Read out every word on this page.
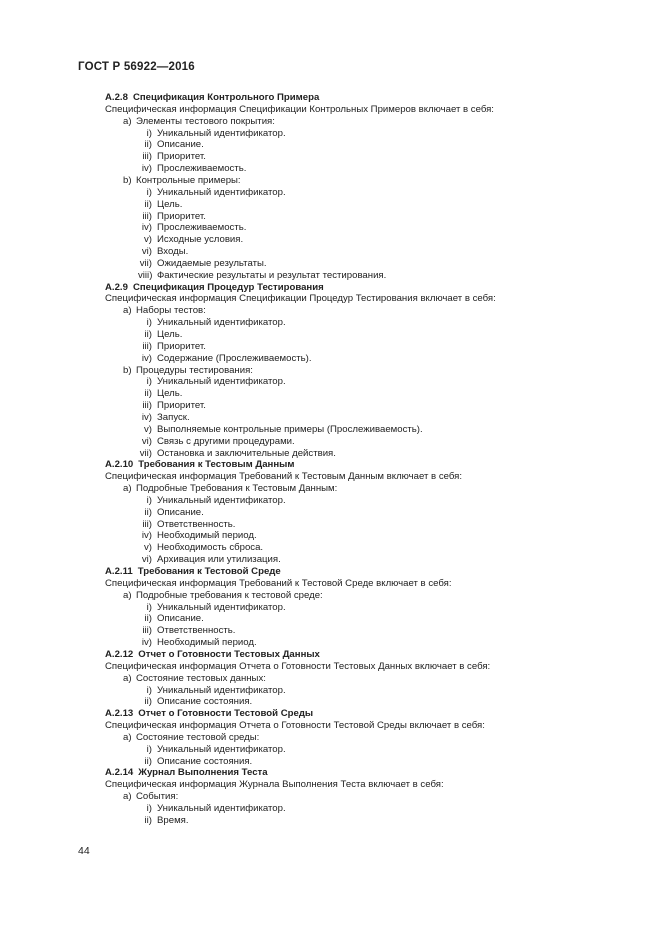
ГОСТ Р 56922—2016
А.2.8 Спецификация Контрольного Примера
Специфическая информация Спецификации Контрольных Примеров включает в себя:
a) Элементы тестового покрытия:
i) Уникальный идентификатор.
ii) Описание.
iii) Приоритет.
iv) Прослеживаемость.
b) Контрольные примеры:
i) Уникальный идентификатор.
ii) Цель.
iii) Приоритет.
iv) Прослеживаемость.
v) Исходные условия.
vi) Входы.
vii) Ожидаемые результаты.
viii) Фактические результаты и результат тестирования.
А.2.9 Спецификация Процедур Тестирования
Специфическая информация Спецификации Процедур Тестирования включает в себя:
a) Наборы тестов:
i) Уникальный идентификатор.
ii) Цель.
iii) Приоритет.
iv) Содержание (Прослеживаемость).
b) Процедуры тестирования:
i) Уникальный идентификатор.
ii) Цель.
iii) Приоритет.
iv) Запуск.
v) Выполняемые контрольные примеры (Прослеживаемость).
vi) Связь с другими процедурами.
vii) Остановка и заключительные действия.
А.2.10 Требования к Тестовым Данным
Специфическая информация Требований к Тестовым Данным включает в себя:
a) Подробные Требования к Тестовым Данным:
i) Уникальный идентификатор.
ii) Описание.
iii) Ответственность.
iv) Необходимый период.
v) Необходимость сброса.
vi) Архивация или утилизация.
А.2.11 Требования к Тестовой Среде
Специфическая информация Требований к Тестовой Среде включает в себя:
a) Подробные требования к тестовой среде:
i) Уникальный идентификатор.
ii) Описание.
iii) Ответственность.
iv) Необходимый период.
А.2.12 Отчет о Готовности Тестовых Данных
Специфическая информация Отчета о Готовности Тестовых Данных включает в себя:
a) Состояние тестовых данных:
i) Уникальный идентификатор.
ii) Описание состояния.
А.2.13 Отчет о Готовности Тестовой Среды
Специфическая информация Отчета о Готовности Тестовой Среды включает в себя:
a) Состояние тестовой среды:
i) Уникальный идентификатор.
ii) Описание состояния.
А.2.14 Журнал Выполнения Теста
Специфическая информация Журнала Выполнения Теста включает в себя:
a) События:
i) Уникальный идентификатор.
ii) Время.
44
